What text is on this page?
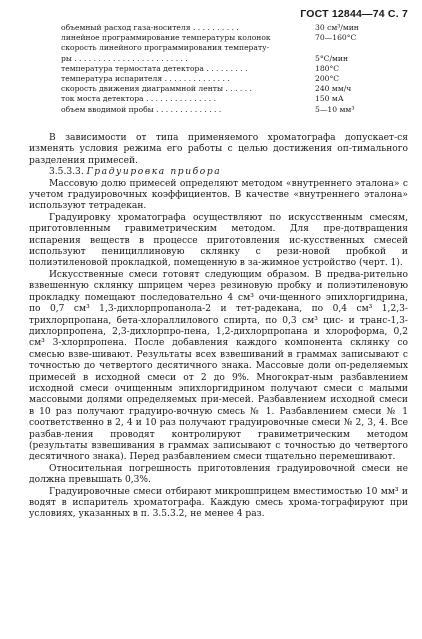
ГОСТ 12844—74 С. 7
объемный расход газа-носителя . . . . . . . . . .	30 см³/мин
линейное программирование температуры колонок	70—160°С
скорость линейного программирования температу-
ры . . . . . . . . . . . . . . . . . . . . . . . .	5°С/мин
температура термостата детектора . . . . . . . . .	180°С
температура испарителя . . . . . . . . . . . . . .	200°С
скорость движения диаграммной ленты . . . . . .	240 мм/ч
ток моста детектора . . . . . . . . . . . . . . .	150 мА
объем вводимой пробы . . . . . . . . . . . . . .	5—10 мм³

В зависимости от типа применяемого хроматографа допускает-ся изменять условия режима его работы с целью достижения оп-тимального разделения примесей.

3.5.3.3. Градуировка прибора

Массовую долю примесей определяют методом «внутреннего эталона» с учетом градуировочных коэффициентов. В качестве «внутреннего эталона» используют тетрадекан.

Градуировку хроматографа осуществляют по искусственным смесям, приготовленным гравиметрическим методом. Для пре-дотвращения испарения веществ в процессе приготовления ис-кусственных смесей используют пенициллиновую склянку с рези-новой пробкой и полиэтиленовой прокладкой, помещенную в за-жимное устройство (черт. 1).

Искусственные смеси готовят следующим образом. В предва-рительно взвешенную склянку шприцем через резиновую пробку и полиэтиленовую прокладку помещают последовательно 4 см³ очи-щенного эпихлоргидрина, по 0,7 см³ 1,3-дихлорпропанола-2 и тет-радекана, по 0,4 см³ 1,2,3-трихлорпропана, бета-хлораллилового спирта, по 0,3 см³ цис- и транс-1,3-дихлорпропена, 2,3-дихлорпро-пена, 1,2-дихлорпропана и хлороформа, 0,2 см³ 3-хлорпропена. После добавления каждого компонента склянку со смесью взве-шивают. Результаты всех взвешиваний в граммах записывают с точностью до четвертого десятичного знака. Массовые доли оп-ределяемых примесей в исходной смеси от 2 до 9%. Многократ-ным разбавлением исходной смеси очищенным эпихлоргидрином получают смеси с малыми массовыми долями определяемых при-месей. Разбавлением исходной смеси в 10 раз получают градуиро-вочную смесь № 1. Разбавлением смеси № 1 соответственно в 2, 4 и 10 раз получают градуировочные смеси № 2, 3, 4. Все разбав-ления проводят контролируют гравиметрическим методом (результаты взвешивания в граммах записывают с точностью до четвертого десятичного знака). Перед разбавлением смеси тщательно перемешивают.

Относительная погрешность приготовления градуировочной смеси не должна превышать 0,3%.

Градуировочные смеси отбирают микрошприцем вместимостью 10 мм³ и водят в испаритель хроматографа. Каждую смесь хрома-тографируют при условиях, указанных в п. 3.5.3.2, не менее 4 раз.
